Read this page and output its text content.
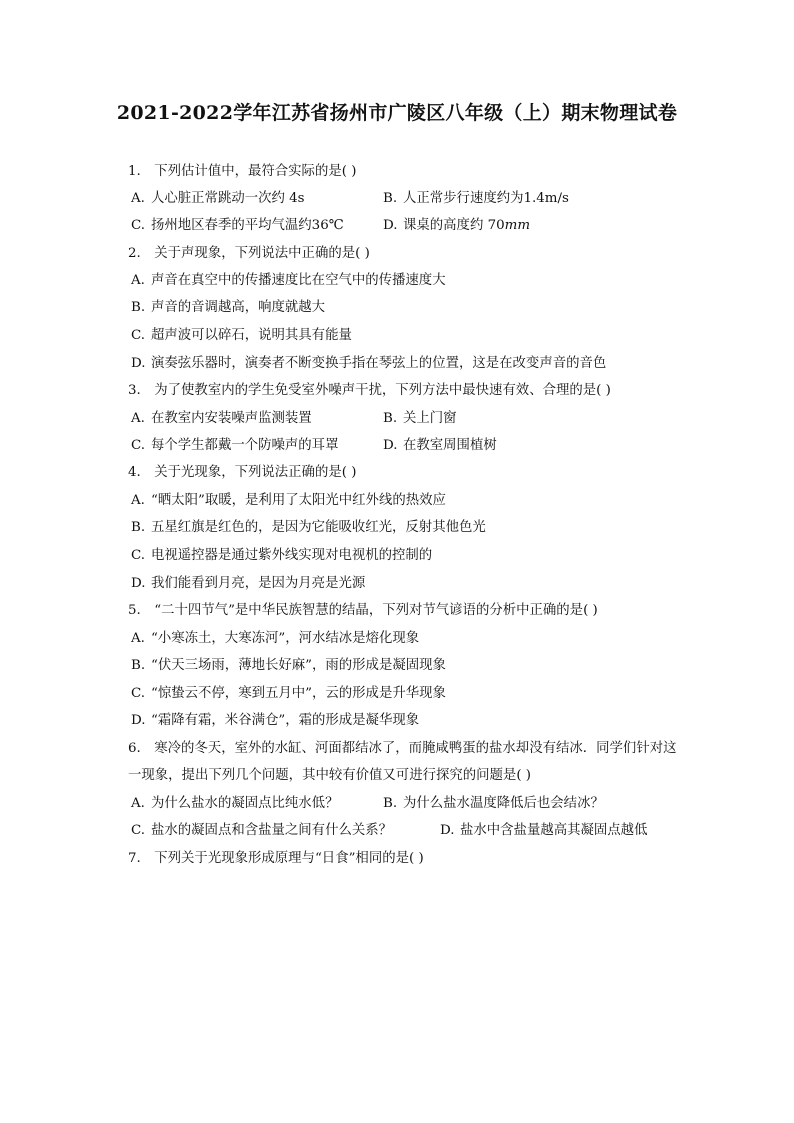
2021-2022学年江苏省扬州市广陵区八年级（上）期末物理试卷
1. 下列估计值中，最符合实际的是( )
A. 人心脏正常跳动一次约 4s	B. 人正常步行速度约为1.4m/s
C. 扬州地区春季的平均气温约36℃	D. 课桌的高度约 70mm
2. 关于声现象，下列说法中正确的是( )
A. 声音在真空中的传播速度比在空气中的传播速度大
B. 声音的音调越高，响度就越大
C. 超声波可以碎石，说明其具有能量
D. 演奏弦乐器时，演奏者不断变换手指在琴弦上的位置，这是在改变声音的音色
3. 为了使教室内的学生免受室外噪声干扰，下列方法中最快速有效、合理的是( )
A. 在教室内安装噪声监测装置	B. 关上门窗
C. 每个学生都戴一个防噪声的耳罩	D. 在教室周围植树
4. 关于光现象，下列说法正确的是( )
A. “晒太阳”取暖，是利用了太阳光中红外线的热效应
B. 五星红旗是红色的，是因为它能吸收红光，反射其他色光
C. 电视遥控器是通过紫外线实现对电视机的控制的
D. 我们能看到月亮，是因为月亮是光源
5. “二十四节气”是中华民族智慧的结晶，下列对节气谚语的分析中正确的是( )
A. “小寒冻土，大寒冻河”，河水结冰是熔化现象
B. “伏天三场雨，薄地长好麻”，雨的形成是凝固现象
C. “惊蛰云不停，寒到五月中”，云的形成是升华现象
D. “霜降有霜，米谷满仓”，霜的形成是凝华现象
6. 寒冷的冬天，室外的水缸、河面都结冰了，而腌咸鸭蛋的盐水却没有结冰．同学们针对这
一现象，提出下列几个问题，其中较有价值又可进行探究的问题是( )
A. 为什么盐水的凝固点比纯水低？	B. 为什么盐水温度降低后也会结冰？
C. 盐水的凝固点和含盐量之间有什么关系？	D. 盐水中含盐量越高其凝固点越低
7. 下列关于光现象形成原理与“日食”相同的是( )
